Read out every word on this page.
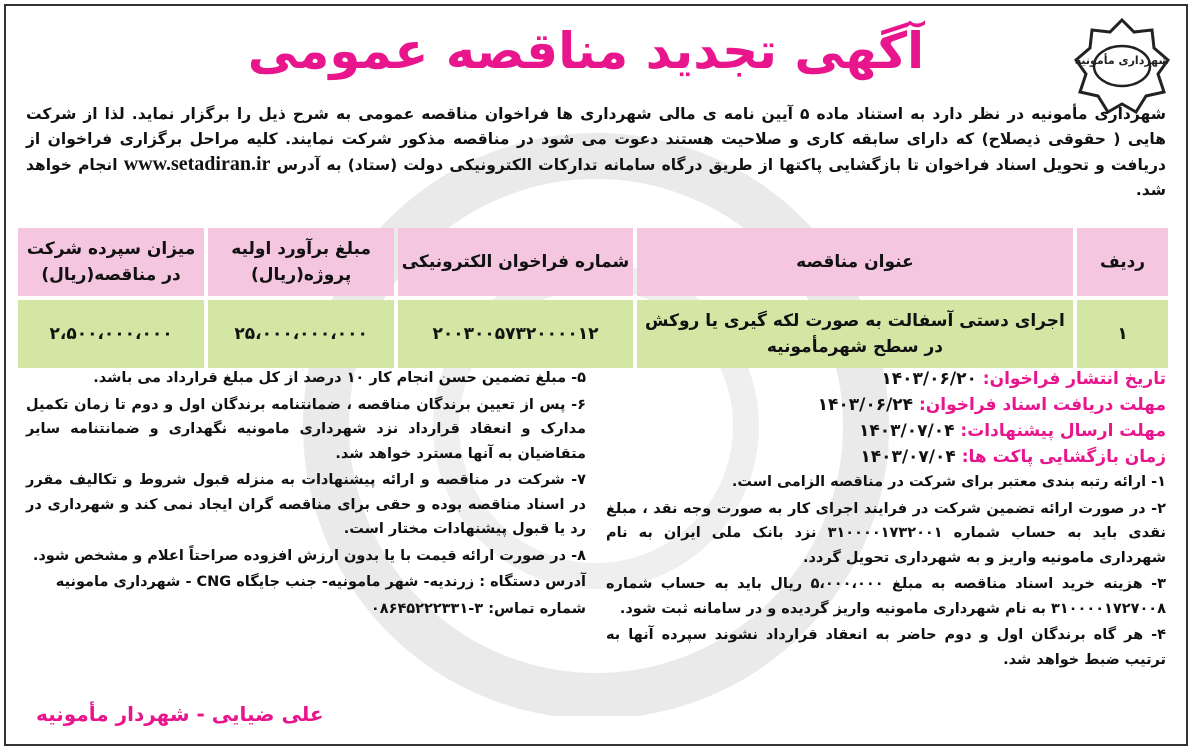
آگهی تجدید مناقصه عمومی	شهرداری مأمونیه
شهرداری مأمونیه در نظر دارد به استناد ماده ۵ آیین نامه ی مالی شهرداری ها فراخوان مناقصه عمومی به شرح ذیل را برگزار نماید. لذا از شرکت هایی ( حقوقی ذیصلاح) که دارای سابقه کاری و صلاحیت هستند دعوت می شود در مناقصه مذکور شرکت نمایند. کلیه مراحل برگزاری فراخوان از دریافت و تحویل اسناد فراخوان تا بازگشایی پاکتها از طریق درگاه سامانه تدارکات الکترونیکی دولت (ستاد) به آدرس www.setadiran.ir انجام خواهد شد.
ردیف	عنوان مناقصه	شماره فراخوان الکترونیکی	مبلغ برآورد اولیه پروژه(ریال)	میزان سپرده شرکت در مناقصه(ریال)
۱	اجرای دستی آسفالت به صورت لکه گیری یا روکش در سطح شهرمأمونیه	۲۰۰۳۰۰۵۷۳۲۰۰۰۰۱۲	۲۵،۰۰۰،۰۰۰،۰۰۰	۲،۵۰۰،۰۰۰،۰۰۰
تاریخ انتشار فراخوان: ۱۴۰۳/۰۶/۲۰
مهلت دریافت اسناد فراخوان: ۱۴۰۳/۰۶/۲۴
مهلت ارسال پیشنهادات: ۱۴۰۳/۰۷/۰۴
زمان بازگشایی پاکت ها: ۱۴۰۳/۰۷/۰۴

۱- ارائه رتبه بندی معتبر برای شرکت در مناقصه الزامی است.

۲- در صورت ارائه تضمین شرکت در فرایند اجرای کار به صورت وجه نقد ، مبلغ نقدی باید به حساب شماره ۳۱۰۰۰۰۱۷۳۲۰۰۱ نزد بانک ملی ایران به نام شهرداری مامونیه واریز و به شهرداری تحویل گردد.

۳- هزینه خرید اسناد مناقصه به مبلغ ۵،۰۰۰،۰۰۰ ریال باید به حساب شماره ۳۱۰۰۰۰۱۷۲۷۰۰۸ به نام شهرداری مامونیه واریز گردیده و در سامانه ثبت شود.

۴- هر گاه برندگان اول و دوم حاضر به انعقاد قرارداد نشوند سپرده آنها به ترتیب ضبط خواهد شد.

۵- مبلغ تضمین حسن انجام کار ۱۰ درصد از کل مبلغ قرارداد می باشد.

۶- پس از تعیین برندگان مناقصه ، ضمانتنامه برندگان اول و دوم تا زمان تکمیل مدارک و انعقاد قرارداد نزد شهرداری مامونیه نگهداری و ضمانتنامه سایر متقاضیان به آنها مسترد خواهد شد.

۷- شرکت در مناقصه و ارائه پیشنهادات به منزله قبول شروط و تکالیف مقرر در اسناد مناقصه بوده و حقی برای مناقصه گران ایجاد نمی کند و شهرداری در رد یا قبول پیشنهادات مختار است.

۸- در صورت ارائه قیمت با یا بدون ارزش افزوده صراحتاً اعلام و مشخص شود.

آدرس دستگاه : زرندیه- شهر مامونیه- جنب جایگاه CNG - شهرداری مامونیه

شماره تماس: ۳-۰۸۶۴۵۲۲۲۳۳۱

علی ضیایی - شهردار مأمونیه
